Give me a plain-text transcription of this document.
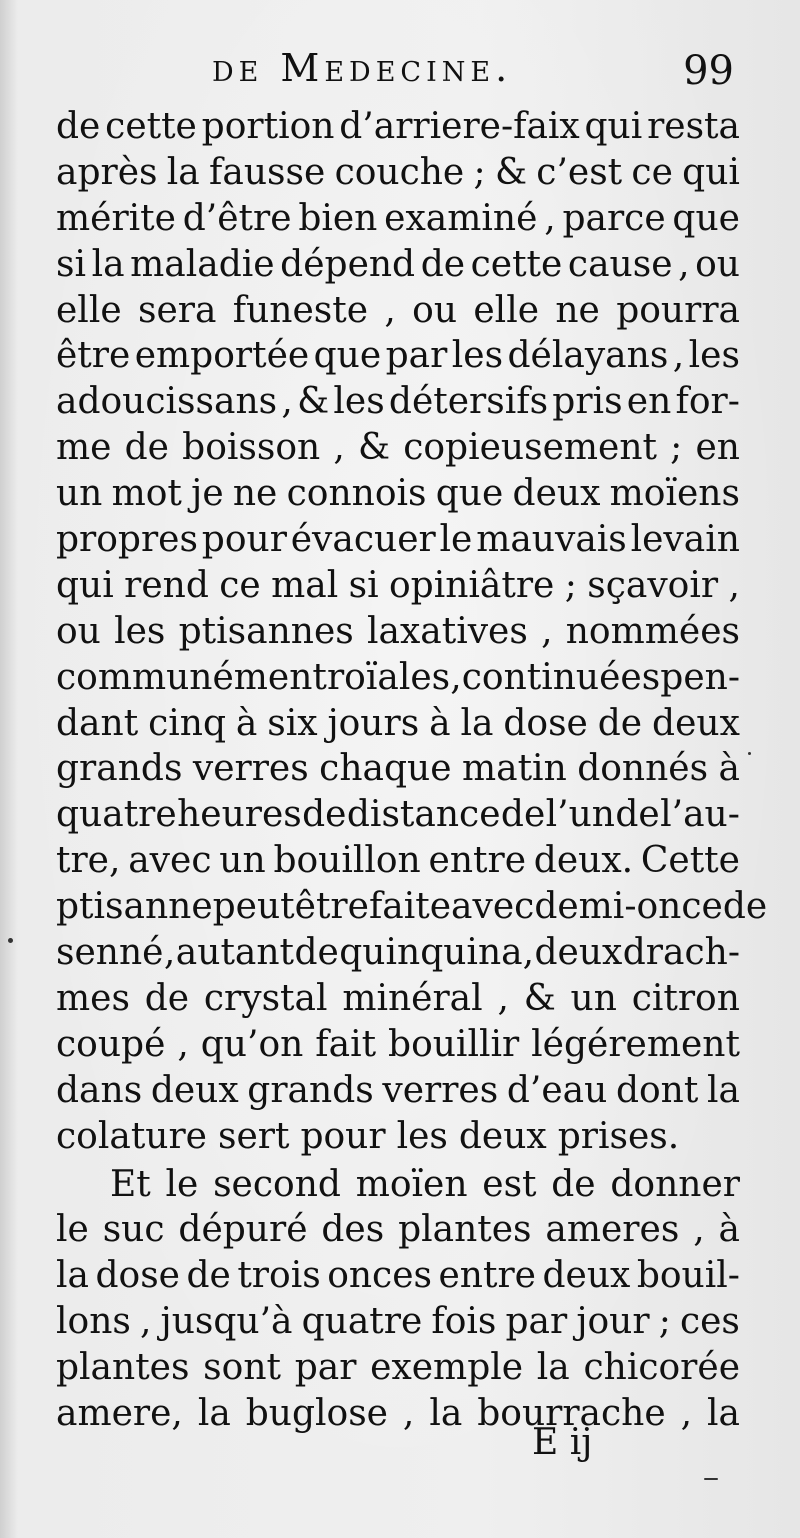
de Medecine.	99
de cette portion d’arriere-faix qui resta
après la fausse couche ; & c’est ce qui
mérite d’être bien examiné , parce que
si la maladie dépend de cette cause , ou
elle sera funeste , ou elle ne pourra
être emportée que par les délayans , les
adoucissans , & les détersifs pris en for-
me de boisson , & copieusement ; en
un mot je ne connois que deux moïens
propres pour évacuer le mauvais levain
qui rend ce mal si opiniâtre ; sçavoir ,
ou les ptisannes laxatives , nommées
communément roïales , continuées pen-
dant cinq à six jours à la dose de deux
grands verres chaque matin donnés à
quatre heures de distance de l’un de l’au-
tre, avec un bouillon entre deux. Cette
ptisanne peut être faite avec demi-once de
senné , autant de quinquina, deux drach-
mes de crystal minéral , & un citron
coupé , qu’on fait bouillir légérement
dans deux grands verres d’eau dont la
colature sert pour les deux prises.
Et le second moïen est de donner
le suc dépuré des plantes ameres , à
la dose de trois onces entre deux bouil-
lons , jusqu’à quatre fois par jour ; ces
plantes sont par exemple la chicorée
amere, la buglose , la bourrache , la
E ij
